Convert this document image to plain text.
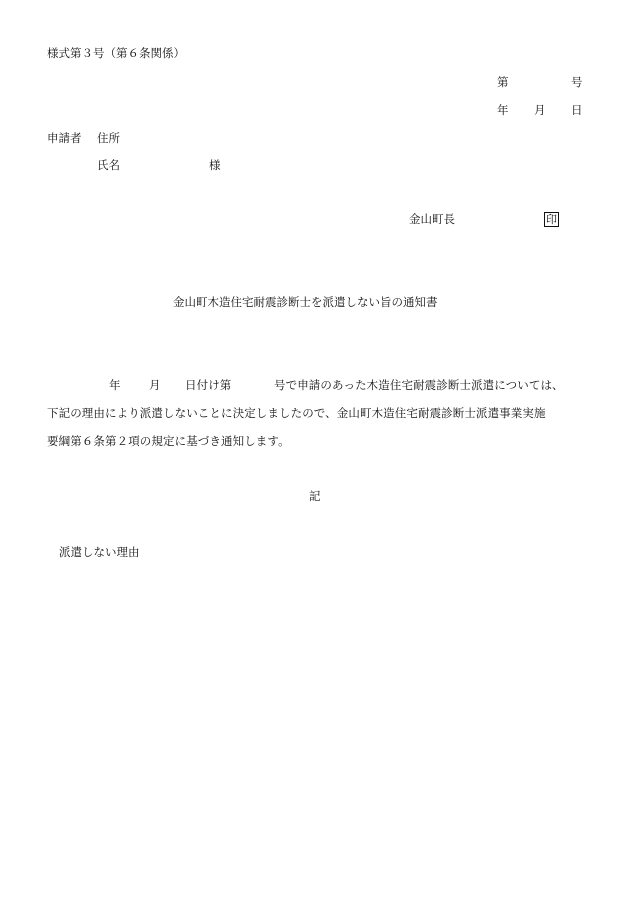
様式第３号（第６条関係）
第	号
年 月 日
申請者 住所
氏名	様
金山町長	印
金山町木造住宅耐震診断士を派遣しない旨の通知書
年 月 日付け第	号で申請のあった木造住宅耐震診断士派遣については、
下記の理由により派遣しないことに決定しましたので、金山町木造住宅耐震診断士派遣事業実施
要綱第６条第２項の規定に基づき通知します。
記
派遣しない理由
